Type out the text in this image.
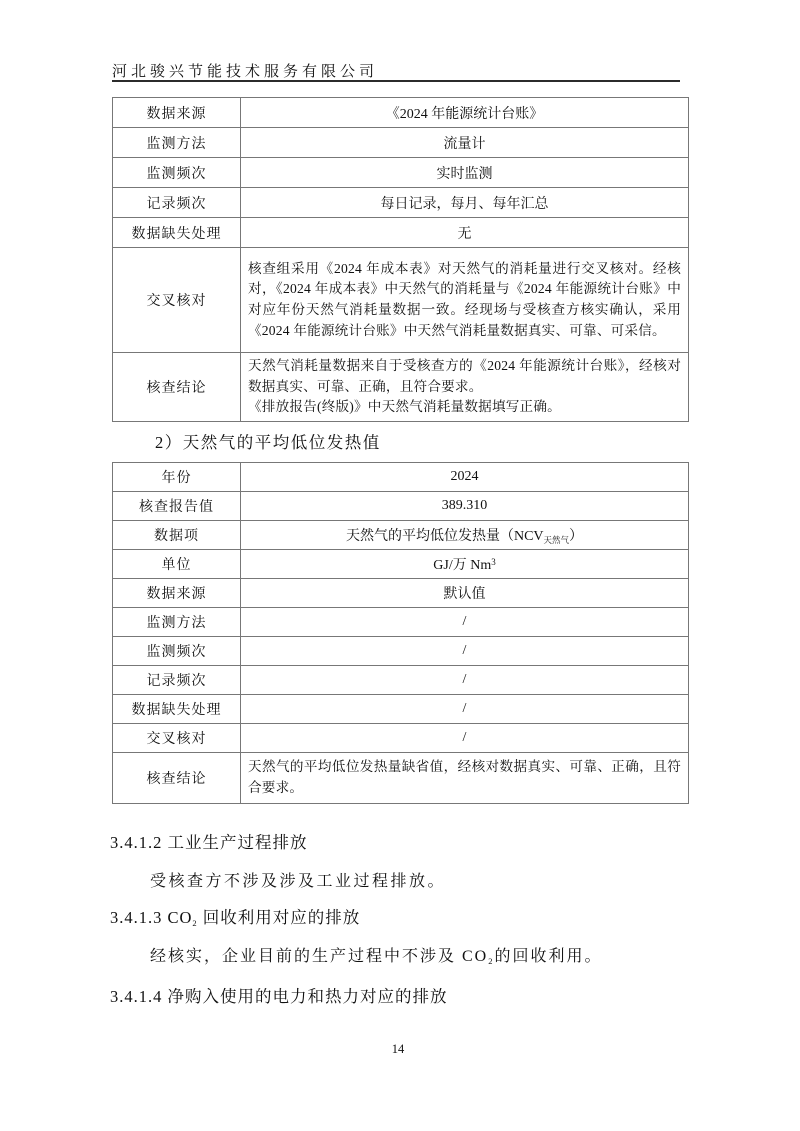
河北骏兴节能技术服务有限公司
数据来源	《2024 年能源统计台账》
监测方法	流量计
监测频次	实时监测
记录频次	每日记录，每月、每年汇总
数据缺失处理	无
交叉核对	核查组采用《2024 年成本表》对天然气的消耗量进行交叉核对。经核对，《2024 年成本表》中天然气的消耗量与《2024 年能源统计台账》中对应年份天然气消耗量数据一致。经现场与受核查方核实确认，采用《2024 年能源统计台账》中天然气消耗量数据真实、可靠、可采信。
核查结论	天然气消耗量数据来自于受核查方的《2024 年能源统计台账》，经核对数据真实、可靠、正确，且符合要求。
《排放报告(终版)》中天然气消耗量数据填写正确。
2）天然气的平均低位发热值
年份	2024
核查报告值	389.310
数据项	天然气的平均低位发热量$(NCV_{天然气})$
单位	GJ/万 Nm$^3$
数据来源	默认值
监测方法	/
监测频次	/
记录频次	/
数据缺失处理	/
交叉核对	/
核查结论	天然气的平均低位发热量缺省值，经核对数据真实、可靠、正确，且符合要求。
3.4.1.2 工业生产过程排放
受核查方不涉及涉及工业过程排放。
3.4.1.3 $CO_2$ 回收利用对应的排放
经核实，企业目前的生产过程中不涉及 $CO_2$的回收利用。
3.4.1.4 净购入使用的电力和热力对应的排放
14
